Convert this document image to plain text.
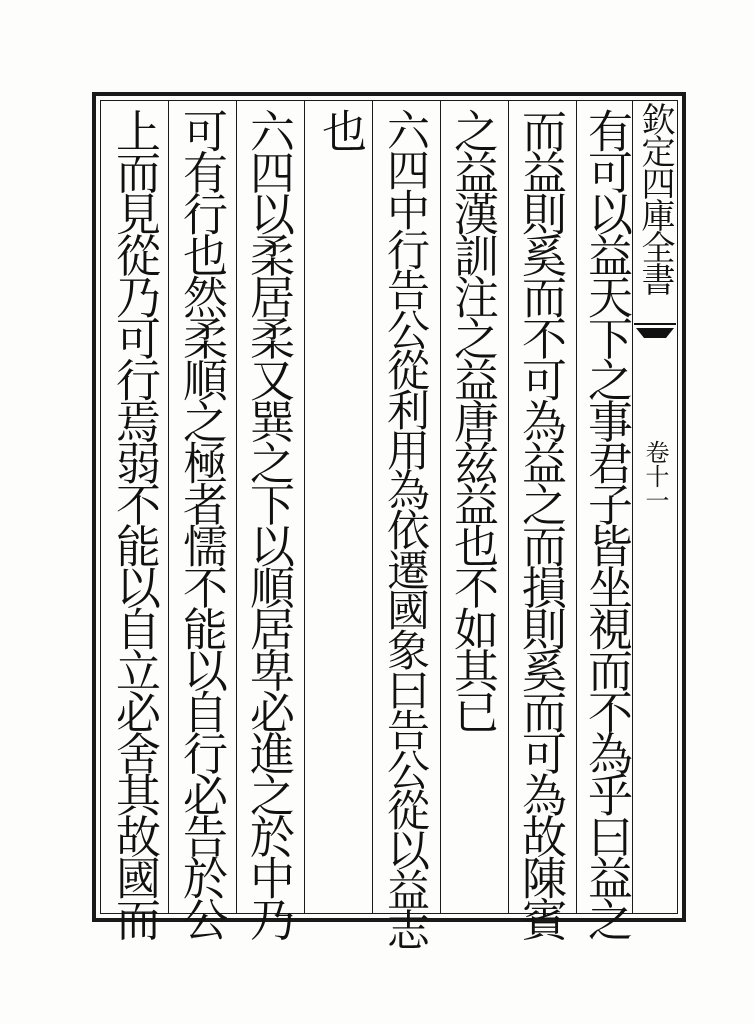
欽定四庫全書
卷十一
有可以益天下之事君子皆坐視而不為乎曰益之
而益則奚而不可為益之而損則奚而可為故陳賓
之益漢訓注之益唐兹益也不如其已
六四中行告公從利用為依遷國象曰告公從以益志
也
六四以柔居柔又巽之下以順居卑必進之於中乃
可有行也然柔順之極者懦不能以自行必告於公
上而見從乃可行焉弱不能以自立必舍其故國而
